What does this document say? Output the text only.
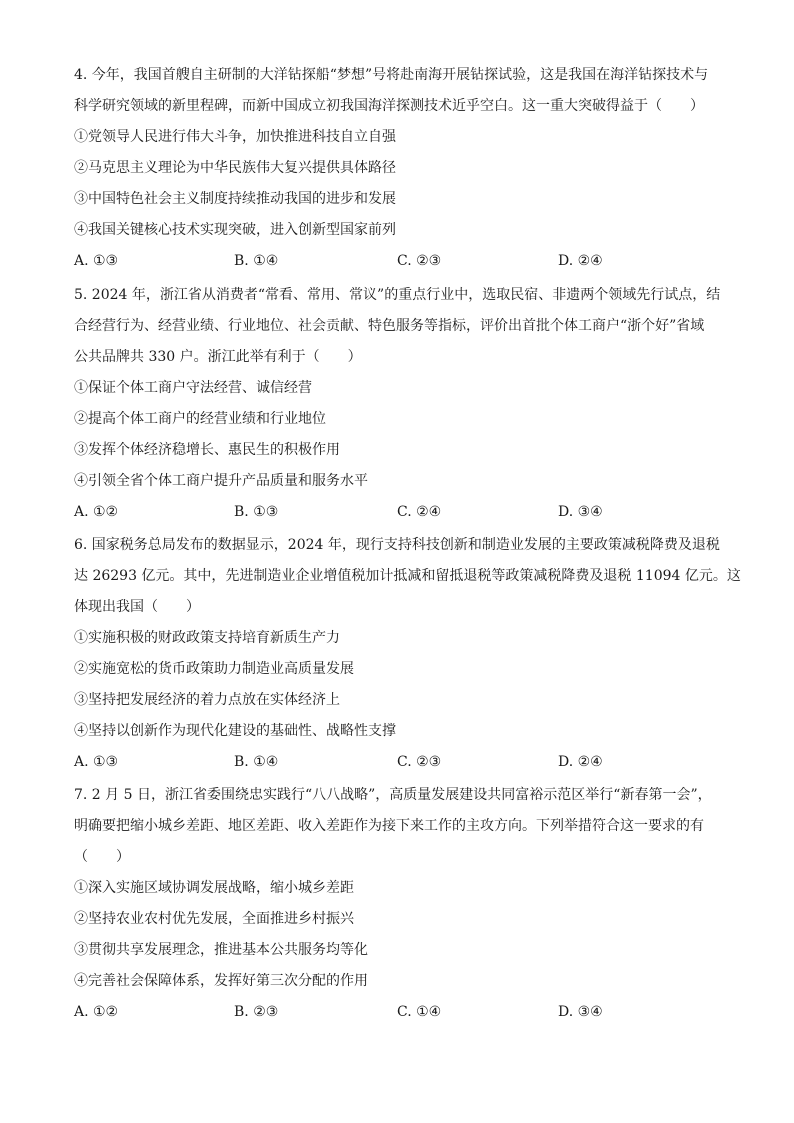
4. 今年，我国首艘自主研制的大洋钻探船“梦想”号将赴南海开展钻探试验，这是我国在海洋钻探技术与
科学研究领域的新里程碑，而新中国成立初我国海洋探测技术近乎空白。这一重大突破得益于（　　）
①党领导人民进行伟大斗争，加快推进科技自立自强
②马克思主义理论为中华民族伟大复兴提供具体路径
③中国特色社会主义制度持续推动我国的进步和发展
④我国关键核心技术实现突破，进入创新型国家前列
A. ①③	B. ①④	C. ②③	D. ②④
5. 2024 年，浙江省从消费者“常看、常用、常议”的重点行业中，选取民宿、非遗两个领域先行试点，结
合经营行为、经营业绩、行业地位、社会贡献、特色服务等指标，评价出首批个体工商户“浙个好”省域
公共品牌共 330 户。浙江此举有利于（　　）
①保证个体工商户守法经营、诚信经营
②提高个体工商户的经营业绩和行业地位
③发挥个体经济稳增长、惠民生的积极作用
④引领全省个体工商户提升产品质量和服务水平
A. ①②	B. ①③	C. ②④	D. ③④
6. 国家税务总局发布的数据显示，2024 年，现行支持科技创新和制造业发展的主要政策减税降费及退税
达 26293 亿元。其中，先进制造业企业增值税加计抵减和留抵退税等政策减税降费及退税 11094 亿元。这
体现出我国（　　）
①实施积极的财政政策支持培育新质生产力
②实施宽松的货币政策助力制造业高质量发展
③坚持把发展经济的着力点放在实体经济上
④坚持以创新作为现代化建设的基础性、战略性支撑
A. ①③	B. ①④	C. ②③	D. ②④
7. 2 月 5 日，浙江省委围绕忠实践行“八八战略”，高质量发展建设共同富裕示范区举行“新春第一会”，
明确要把缩小城乡差距、地区差距、收入差距作为接下来工作的主攻方向。下列举措符合这一要求的有
（　　）
①深入实施区域协调发展战略，缩小城乡差距
②坚持农业农村优先发展，全面推进乡村振兴
③贯彻共享发展理念，推进基本公共服务均等化
④完善社会保障体系，发挥好第三次分配的作用
A. ①②	B. ②③	C. ①④	D. ③④
